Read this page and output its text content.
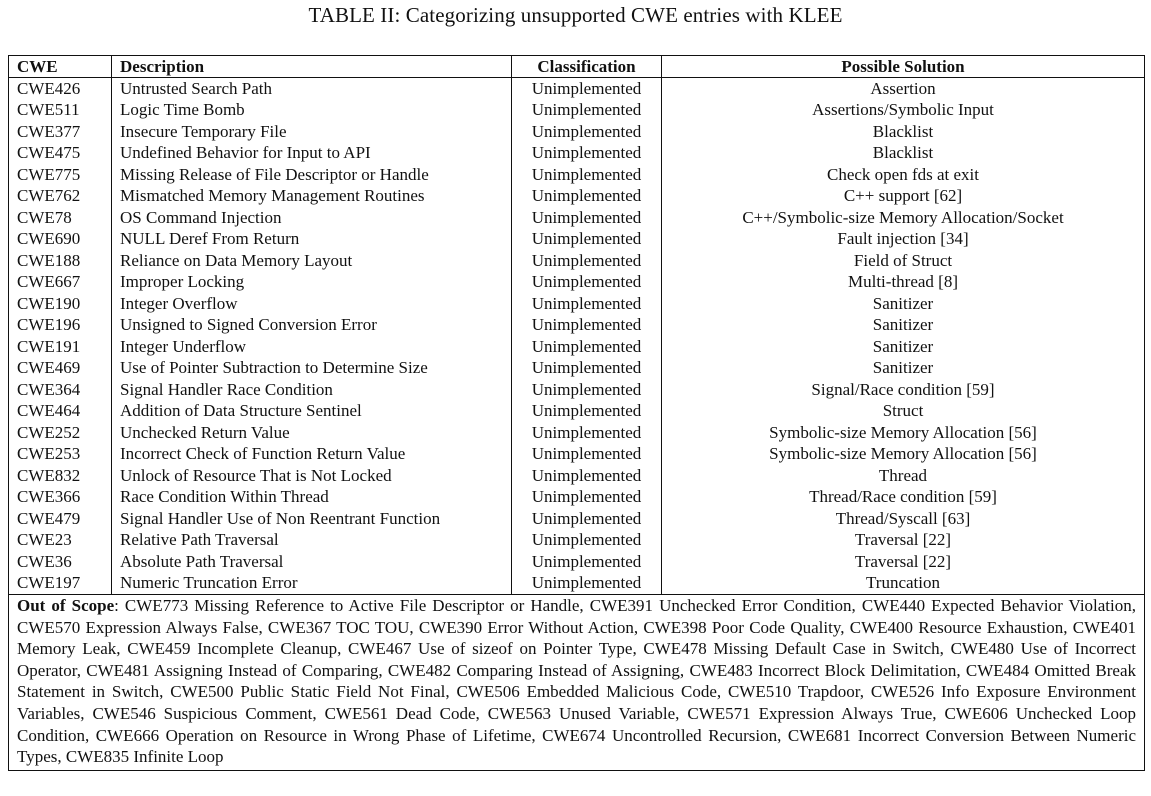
TABLE II: Categorizing unsupported CWE entries with KLEE
CWE	Description	Classification	Possible Solution
CWE426	Untrusted Search Path	Unimplemented	Assertion
CWE511	Logic Time Bomb	Unimplemented	Assertions/Symbolic Input
CWE377	Insecure Temporary File	Unimplemented	Blacklist
CWE475	Undefined Behavior for Input to API	Unimplemented	Blacklist
CWE775	Missing Release of File Descriptor or Handle	Unimplemented	Check open fds at exit
CWE762	Mismatched Memory Management Routines	Unimplemented	C++ support [62]
CWE78	OS Command Injection	Unimplemented	C++/Symbolic-size Memory Allocation/Socket
CWE690	NULL Deref From Return	Unimplemented	Fault injection [34]
CWE188	Reliance on Data Memory Layout	Unimplemented	Field of Struct
CWE667	Improper Locking	Unimplemented	Multi-thread [8]
CWE190	Integer Overflow	Unimplemented	Sanitizer
CWE196	Unsigned to Signed Conversion Error	Unimplemented	Sanitizer
CWE191	Integer Underflow	Unimplemented	Sanitizer
CWE469	Use of Pointer Subtraction to Determine Size	Unimplemented	Sanitizer
CWE364	Signal Handler Race Condition	Unimplemented	Signal/Race condition [59]
CWE464	Addition of Data Structure Sentinel	Unimplemented	Struct
CWE252	Unchecked Return Value	Unimplemented	Symbolic-size Memory Allocation [56]
CWE253	Incorrect Check of Function Return Value	Unimplemented	Symbolic-size Memory Allocation [56]
CWE832	Unlock of Resource That is Not Locked	Unimplemented	Thread
CWE366	Race Condition Within Thread	Unimplemented	Thread/Race condition [59]
CWE479	Signal Handler Use of Non Reentrant Function	Unimplemented	Thread/Syscall [63]
CWE23	Relative Path Traversal	Unimplemented	Traversal [22]
CWE36	Absolute Path Traversal	Unimplemented	Traversal [22]
CWE197	Numeric Truncation Error	Unimplemented	Truncation
Out of Scope: CWE773 Missing Reference to Active File Descriptor or Handle, CWE391 Unchecked Error Condition, CWE440 Expected Behavior Violation, CWE570 Expression Always False, CWE367 TOC TOU, CWE390 Error Without Action, CWE398 Poor Code Quality, CWE400 Resource Exhaustion, CWE401 Memory Leak, CWE459 Incomplete Cleanup, CWE467 Use of sizeof on Pointer Type, CWE478 Missing Default Case in Switch, CWE480 Use of Incorrect Operator, CWE481 Assigning Instead of Comparing, CWE482 Comparing Instead of Assigning, CWE483 Incorrect Block Delimitation, CWE484 Omitted Break Statement in Switch, CWE500 Public Static Field Not Final, CWE506 Embedded Malicious Code, CWE510 Trapdoor, CWE526 Info Exposure Environment Variables, CWE546 Suspicious Comment, CWE561 Dead Code, CWE563 Unused Variable, CWE571 Expression Always True, CWE606 Unchecked Loop Condition, CWE666 Operation on Resource in Wrong Phase of Lifetime, CWE674 Uncontrolled Recursion, CWE681 Incorrect Conversion Between Numeric Types, CWE835 Infinite Loop			
